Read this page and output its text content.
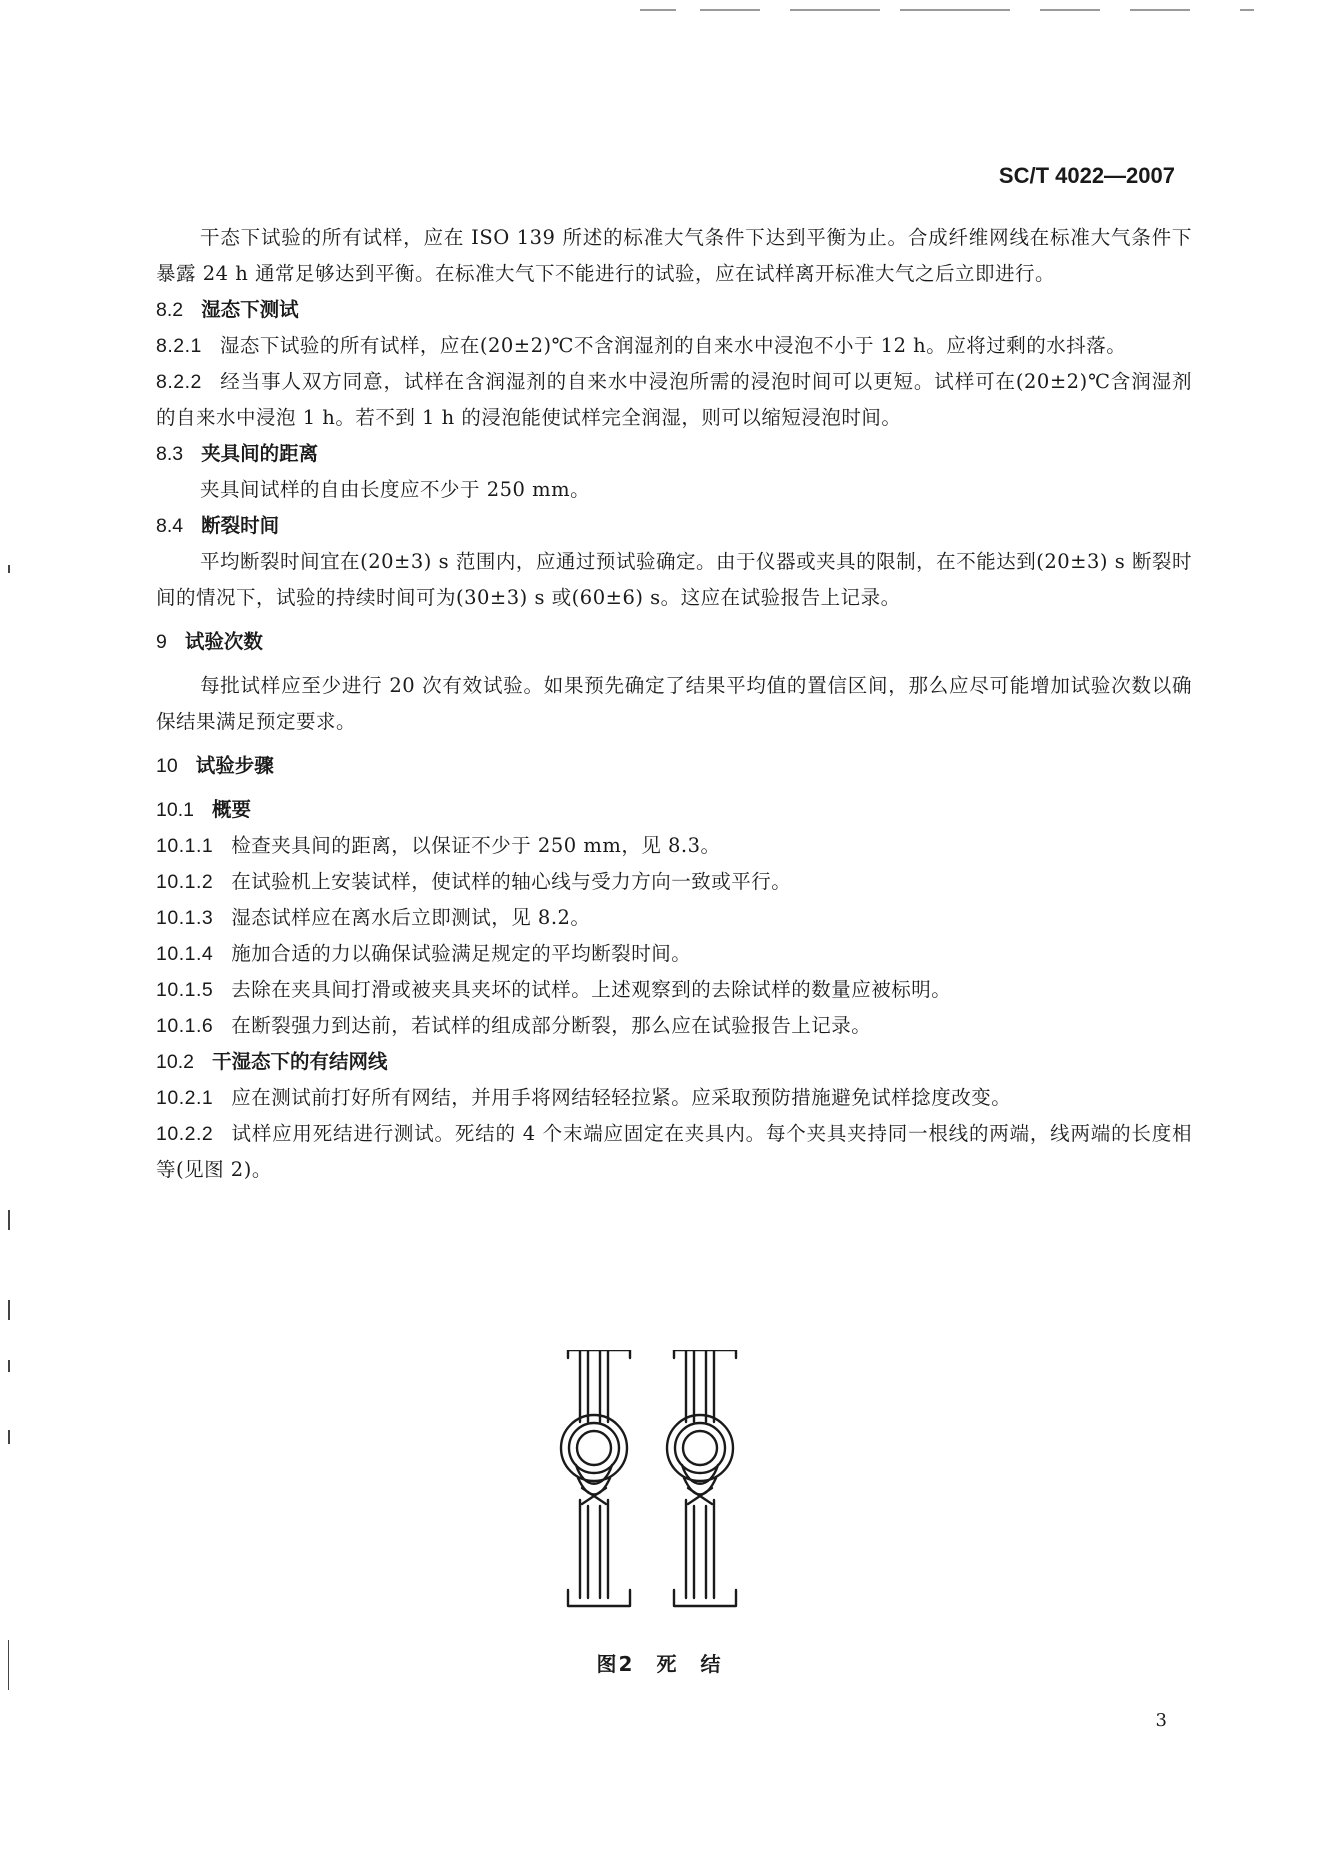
SC/T 4022—2007
干态下试验的所有试样，应在 ISO 139 所述的标准大气条件下达到平衡为止。合成纤维网线在标准大气条件下暴露 24 h 通常足够达到平衡。在标准大气下不能进行的试验，应在试样离开标准大气之后立即进行。
8.2 湿态下测试
8.2.1 湿态下试验的所有试样，应在(20±2)℃不含润湿剂的自来水中浸泡不小于 12 h。应将过剩的水抖落。
8.2.2 经当事人双方同意，试样在含润湿剂的自来水中浸泡所需的浸泡时间可以更短。试样可在(20±2)℃含润湿剂的自来水中浸泡 1 h。若不到 1 h 的浸泡能使试样完全润湿，则可以缩短浸泡时间。
8.3 夹具间的距离
夹具间试样的自由长度应不少于 250 mm。
8.4 断裂时间
平均断裂时间宜在(20±3) s 范围内，应通过预试验确定。由于仪器或夹具的限制，在不能达到(20±3) s 断裂时间的情况下，试验的持续时间可为(30±3) s 或(60±6) s。这应在试验报告上记录。
9 试验次数
每批试样应至少进行 20 次有效试验。如果预先确定了结果平均值的置信区间，那么应尽可能增加试验次数以确保结果满足预定要求。
10 试验步骤
10.1 概要
10.1.1 检查夹具间的距离，以保证不少于 250 mm，见 8.3。
10.1.2 在试验机上安装试样，使试样的轴心线与受力方向一致或平行。
10.1.3 湿态试样应在离水后立即测试，见 8.2。
10.1.4 施加合适的力以确保试验满足规定的平均断裂时间。
10.1.5 去除在夹具间打滑或被夹具夹坏的试样。上述观察到的去除试样的数量应被标明。
10.1.6 在断裂强力到达前，若试样的组成部分断裂，那么应在试验报告上记录。
10.2 干湿态下的有结网线
10.2.1 应在测试前打好所有网结，并用手将网结轻轻拉紧。应采取预防措施避免试样捻度改变。
10.2.2 试样应用死结进行测试。死结的 4 个末端应固定在夹具内。每个夹具夹持同一根线的两端，线两端的长度相等(见图 2)。
图2　死　结
3
